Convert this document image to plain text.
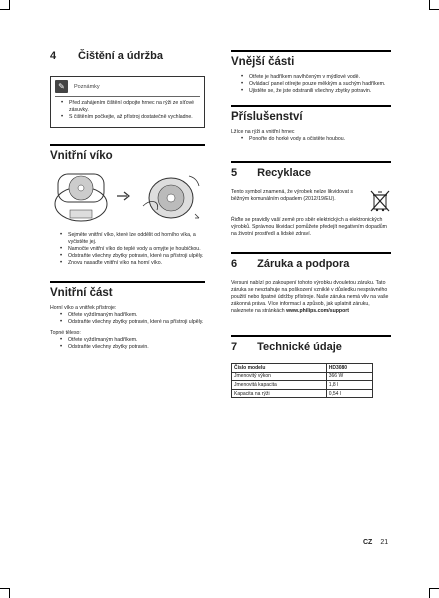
4 Čištění a údržba
✎	Poznámky
• Před zahájením čištění odpojte hrnec na rýži ze síťové zásuvky.
• S čištěním počkejte, až přístroj dostatečně vychladne.
Vnitřní víko
• Sejměte vnitřní víko, které lze oddělit od horního víka, a vyčistěte jej.
• Namočte vnitřní víko do teplé vody a omyjte je houbičkou.
• Odstraňte všechny zbytky potravin, které na přístroji ulpěly.
• Znovu nasaďte vnitřní víko na horní víko.
Vnitřní část

Horní víko a vnitřek přístroje:

• Otřete vyždímaným hadříkem.
• Odstraňte všechny zbytky potravin, které na přístroji ulpěly.

Topné těleso:

• Otřete vyždímaným hadříkem.
• Odstraňte všechny zbytky potravin.
Vnější části
• Otřete je hadříkem navlhčeným v mýdlové vodě.
• Ovládací panel otírejte pouze měkkým a suchým hadříkem.
• Ujistěte se, že jste odstranili všechny zbytky potravin.
Příslušenství

Lžíce na rýži a vnitřní hrnec

• Ponořte do horké vody a očistěte houbou.
5 Recyklace

Tento symbol znamená, že výrobek nelze likvidovat s běžným komunálním odpadem (2012/19/EU).

Řiďte se pravidly vaší země pro sběr elektrických a elektronických výrobků. Správnou likvidací pomůžete předejít negativním dopadům na životní prostředí a lidské zdraví.

6 Záruka a podpora

Versuni nabízí po zakoupení tohoto výrobku dvouletou záruku. Tato záruka se nevztahuje na poškození vzniklé v důsledku nesprávného použití nebo špatné údržby přístroje. Naše záruka nemá vliv na vaše zákonná práva. Více informací a způsob, jak uplatnit záruku, naleznete na stránkách www.philips.com/support

7 Technické údaje
Číslo modelu	HD3080
Jmenovitý výkon	366 W
Jmenovitá kapacita	1,8 l
Kapacita na rýži	0,54 l
CZ 21
